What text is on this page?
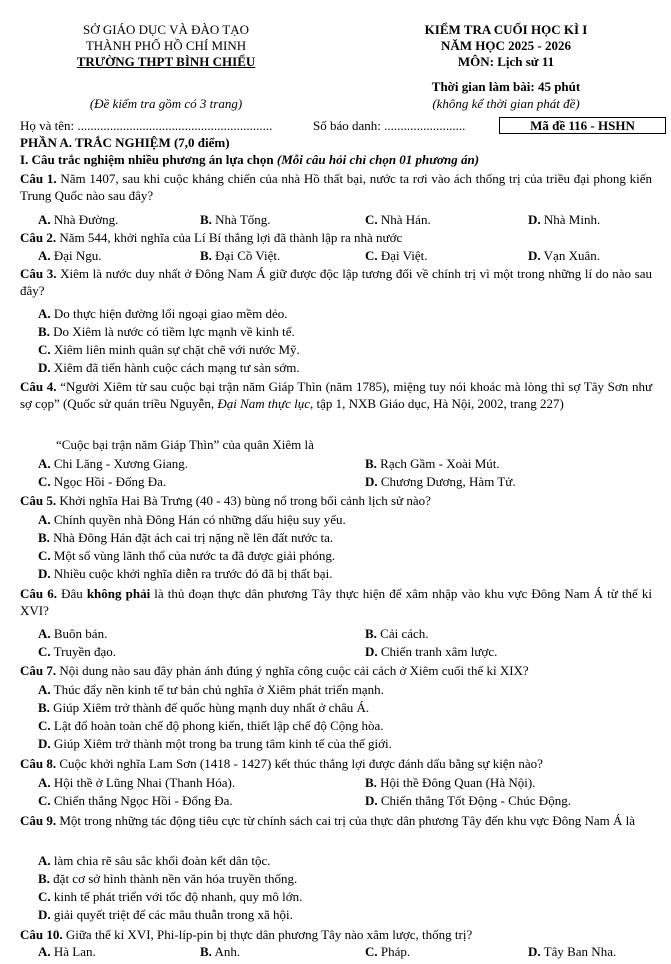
SỞ GIÁO DỤC VÀ ĐÀO TẠO
THÀNH PHỐ HỒ CHÍ MINH
TRƯỜNG THPT BÌNH CHIỂU
(Đề kiểm tra gồm có 3 trang)
KIỂM TRA CUỐI HỌC KÌ I
NĂM HỌC 2025 - 2026
MÔN: Lịch sử 11
Thời gian làm bài: 45 phút
(không kể thời gian phát đề)
Họ và tên: ............................................................	Số báo danh: .........................	Mã đề 116 - HSHN
PHẦN A. TRẮC NGHIỆM (7,0 điểm)
I. Câu trắc nghiệm nhiều phương án lựa chọn (Mỗi câu hỏi chỉ chọn 01 phương án)
Câu 1. Năm 1407, sau khi cuộc kháng chiến của nhà Hồ thất bại, nước ta rơi vào ách thống trị của triều đại phong kiến Trung Quốc nào sau đây?
A. Nhà Đường.	B. Nhà Tống.	C. Nhà Hán.	D. Nhà Minh.
Câu 2. Năm 544, khởi nghĩa của Lí Bí thắng lợi đã thành lập ra nhà nước
A. Đại Ngu.	B. Đại Cồ Việt.	C. Đại Việt.	D. Vạn Xuân.
Câu 3. Xiêm là nước duy nhất ở Đông Nam Á giữ được độc lập tương đối về chính trị vì một trong những lí do nào sau đây?
A. Do thực hiện đường lối ngoại giao mềm dẻo.
B. Do Xiêm là nước có tiềm lực mạnh về kinh tế.
C. Xiêm liên minh quân sự chặt chẽ với nước Mỹ.
D. Xiêm đã tiến hành cuộc cách mạng tư sản sớm.
Câu 4. “Người Xiêm từ sau cuộc bại trận năm Giáp Thìn (năm 1785), miệng tuy nói khoác mà lòng thì sợ Tây Sơn như sợ cọp” (Quốc sử quán triều Nguyễn, Đại Nam thực lục, tập 1, NXB Giáo dục, Hà Nội, 2002, trang 227)
“Cuộc bại trận năm Giáp Thìn” của quân Xiêm là
A. Chi Lăng - Xương Giang.	B. Rạch Gầm - Xoài Mút.
C. Ngọc Hồi - Đống Đa.	D. Chương Dương, Hàm Tử.
Câu 5. Khởi nghĩa Hai Bà Trưng (40 - 43) bùng nổ trong bối cảnh lịch sử nào?
A. Chính quyền nhà Đông Hán có những dấu hiệu suy yếu.
B. Nhà Đông Hán đặt ách cai trị nặng nề lên đất nước ta.
C. Một số vùng lãnh thổ của nước ta đã được giải phóng.
D. Nhiều cuộc khởi nghĩa diễn ra trước đó đã bị thất bại.
Câu 6. Đâu không phải là thủ đoạn thực dân phương Tây thực hiện để xâm nhập vào khu vực Đông Nam Á từ thế kỉ XVI?
A. Buôn bán.	B. Cải cách.
C. Truyền đạo.	D. Chiến tranh xâm lược.
Câu 7. Nội dung nào sau đây phản ánh đúng ý nghĩa công cuộc cải cách ở Xiêm cuối thế kỉ XIX?
A. Thúc đẩy nền kinh tế tư bản chủ nghĩa ở Xiêm phát triển mạnh.
B. Giúp Xiêm trở thành đế quốc hùng mạnh duy nhất ở châu Á.
C. Lật đổ hoàn toàn chế độ phong kiến, thiết lập chế độ Cộng hòa.
D. Giúp Xiêm trở thành một trong ba trung tâm kinh tế của thế giới.
Câu 8. Cuộc khởi nghĩa Lam Sơn (1418 - 1427) kết thúc thắng lợi được đánh dấu bằng sự kiện nào?
A. Hội thề ở Lũng Nhai (Thanh Hóa).	B. Hội thề Đông Quan (Hà Nội).
C. Chiến thắng Ngọc Hồi - Đống Đa.	D. Chiến thắng Tốt Động - Chúc Động.
Câu 9. Một trong những tác động tiêu cực từ chính sách cai trị của thực dân phương Tây đến khu vực Đông Nam Á là
A. làm chia rẽ sâu sắc khối đoàn kết dân tộc.
B. đặt cơ sở hình thành nền văn hóa truyền thống.
C. kinh tế phát triển với tốc độ nhanh, quy mô lớn.
D. giải quyết triệt để các mâu thuẫn trong xã hội.
Câu 10. Giữa thế kỉ XVI, Phi-líp-pin bị thực dân phương Tây nào xâm lược, thống trị?
A. Hà Lan.	B. Anh.	C. Pháp.	D. Tây Ban Nha.
